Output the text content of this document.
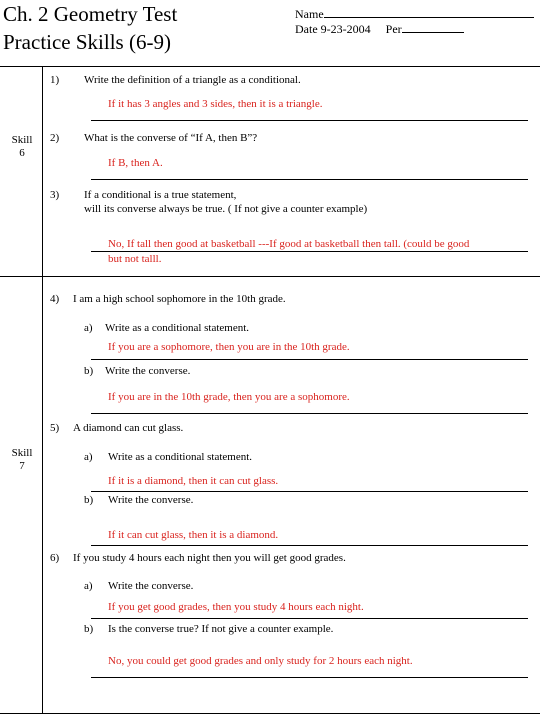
Ch. 2 Geometry Test
Practice Skills (6-9)
Name
Date 9-23-2004 Per
Skill
6
Skill
7
1) Write the definition of a triangle as a conditional.
If it has 3 angles and 3 sides, then it is a triangle.
2) What is the converse of “If A, then B”?
If B, then A.
3) If a conditional is a true statement,
will its converse always be true. ( If not give a counter example)
No, If tall then good at basketball ---If good at basketball then tall. (could be good
but not talll.
4) I am a high school sophomore in the 10th grade.
a) Write as a conditional statement.
If you are a sophomore, then you are in the 10th grade.
b) Write the converse.
If you are in the 10th grade, then you are a sophomore.
5) A diamond can cut glass.
a) Write as a conditional statement.
If it is a diamond, then it can cut glass.
b) Write the converse.
If it can cut glass, then it is a diamond.
6) If you study 4 hours each night then you will get good grades.
a) Write the converse.
If you get good grades, then you study 4 hours each night.
b) Is the converse true? If not give a counter example.
No, you could get good grades and only study for 2 hours each night.
